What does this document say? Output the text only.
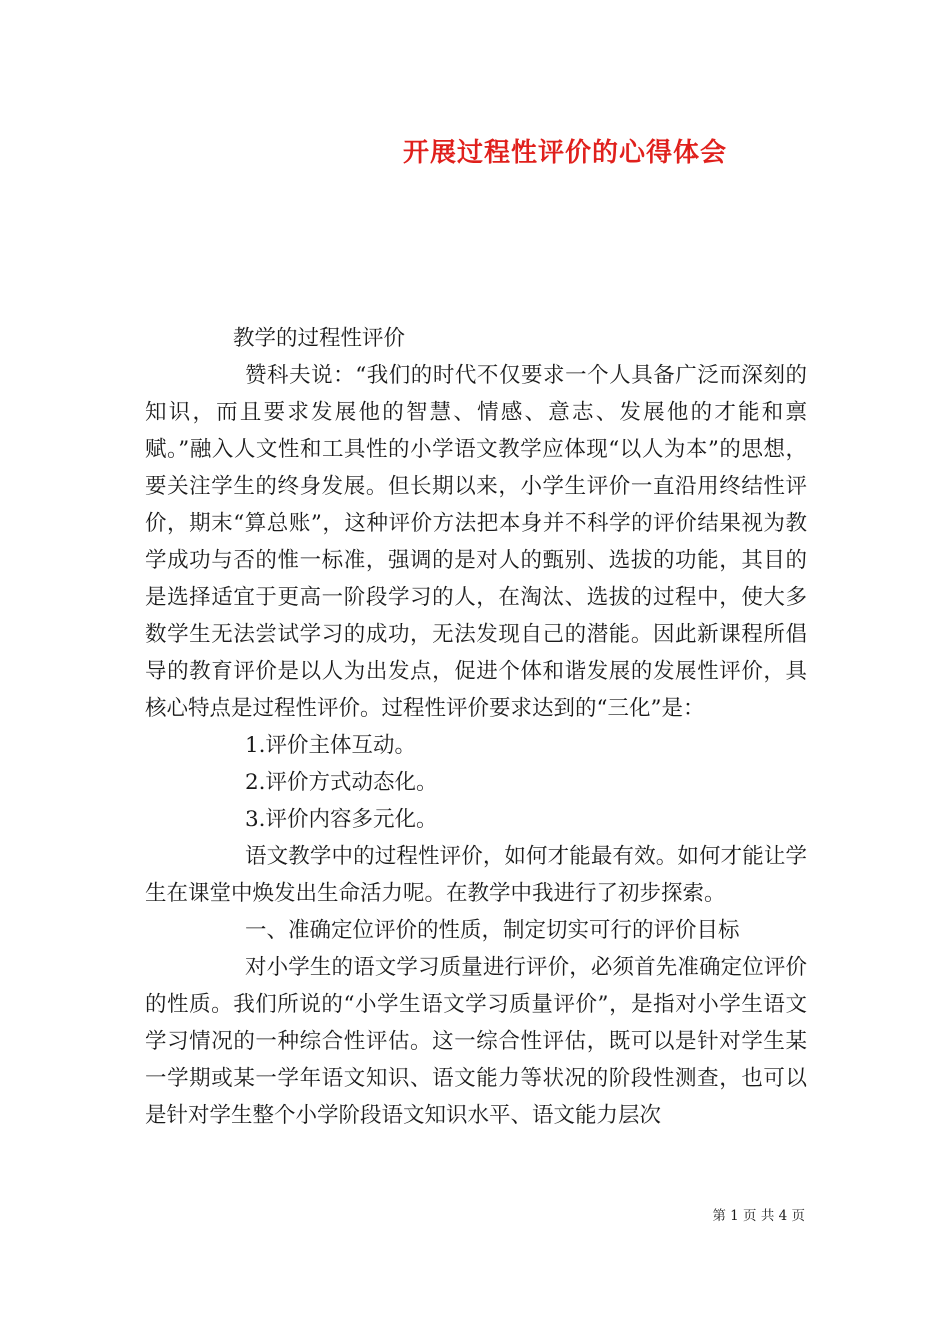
开展过程性评价的心得体会

教学的过程性评价

赞科夫说：“我们的时代不仅要求一个人具备广泛而深刻的知识，而且要求发展他的智慧、情感、意志、发展他的才能和禀赋。”融入人文性和工具性的小学语文教学应体现“以人为本”的思想，要关注学生的终身发展。但长期以来，小学生评价一直沿用终结性评价，期末“算总账”，这种评价方法把本身并不科学的评价结果视为教学成功与否的惟一标准，强调的是对人的甄别、选拔的功能，其目的是选择适宜于更高一阶段学习的人，在淘汰、选拔的过程中，使大多数学生无法尝试学习的成功，无法发现自己的潜能。因此新课程所倡导的教育评价是以人为出发点，促进个体和谐发展的发展性评价，具核心特点是过程性评价。过程性评价要求达到的“三化”是：

1.评价主体互动。

2.评价方式动态化。

3.评价内容多元化。

语文教学中的过程性评价，如何才能最有效。如何才能让学生在课堂中焕发出生命活力呢。在教学中我进行了初步探索。

一、准确定位评价的性质，制定切实可行的评价目标

对小学生的语文学习质量进行评价，必须首先准确定位评价的性质。我们所说的“小学生语文学习质量评价”，是指对小学生语文学习情况的一种综合性评估。这一综合性评估，既可以是针对学生某一学期或某一学年语文知识、语文能力等状况的阶段性测查，也可以是针对学生整个小学阶段语文知识水平、语文能力层次

第 1 页 共 4 页
